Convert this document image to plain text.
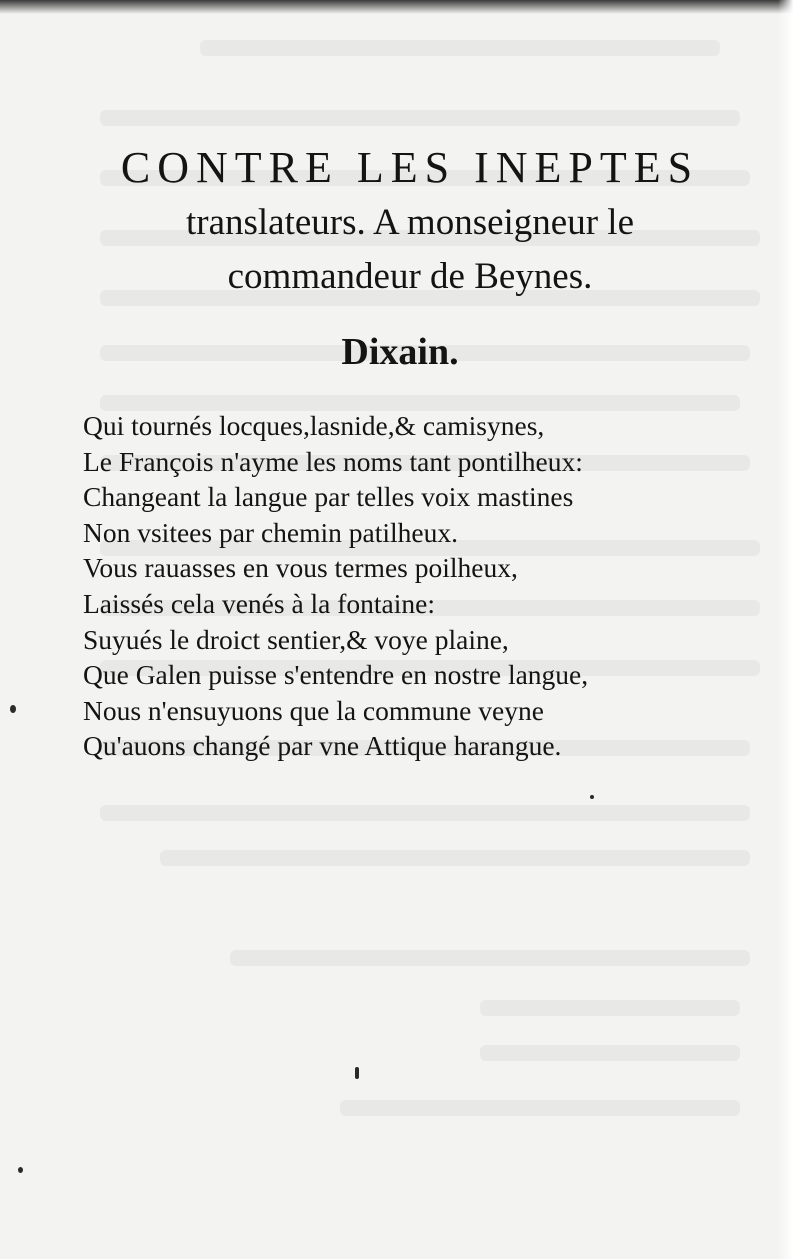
CONTRE LES INEPTES
translateurs. A monseigneur le
commandeur de Beynes.
Dixain.
Qui tournés locques,lasnide,& camisynes,
Le François n'ayme les noms tant pontilheux:
Changeant la langue par telles voix mastines
Non vsitees par chemin patilheux.
Vous rauasses en vous termes poilheux,
Laissés cela venés à la fontaine:
Suyués le droict sentier,& voye plaine,
Que Galen puisse s'entendre en nostre langue,
Nous n'ensuyuons que la commune veyne
Qu'auons changé par vne Attique harangue.
